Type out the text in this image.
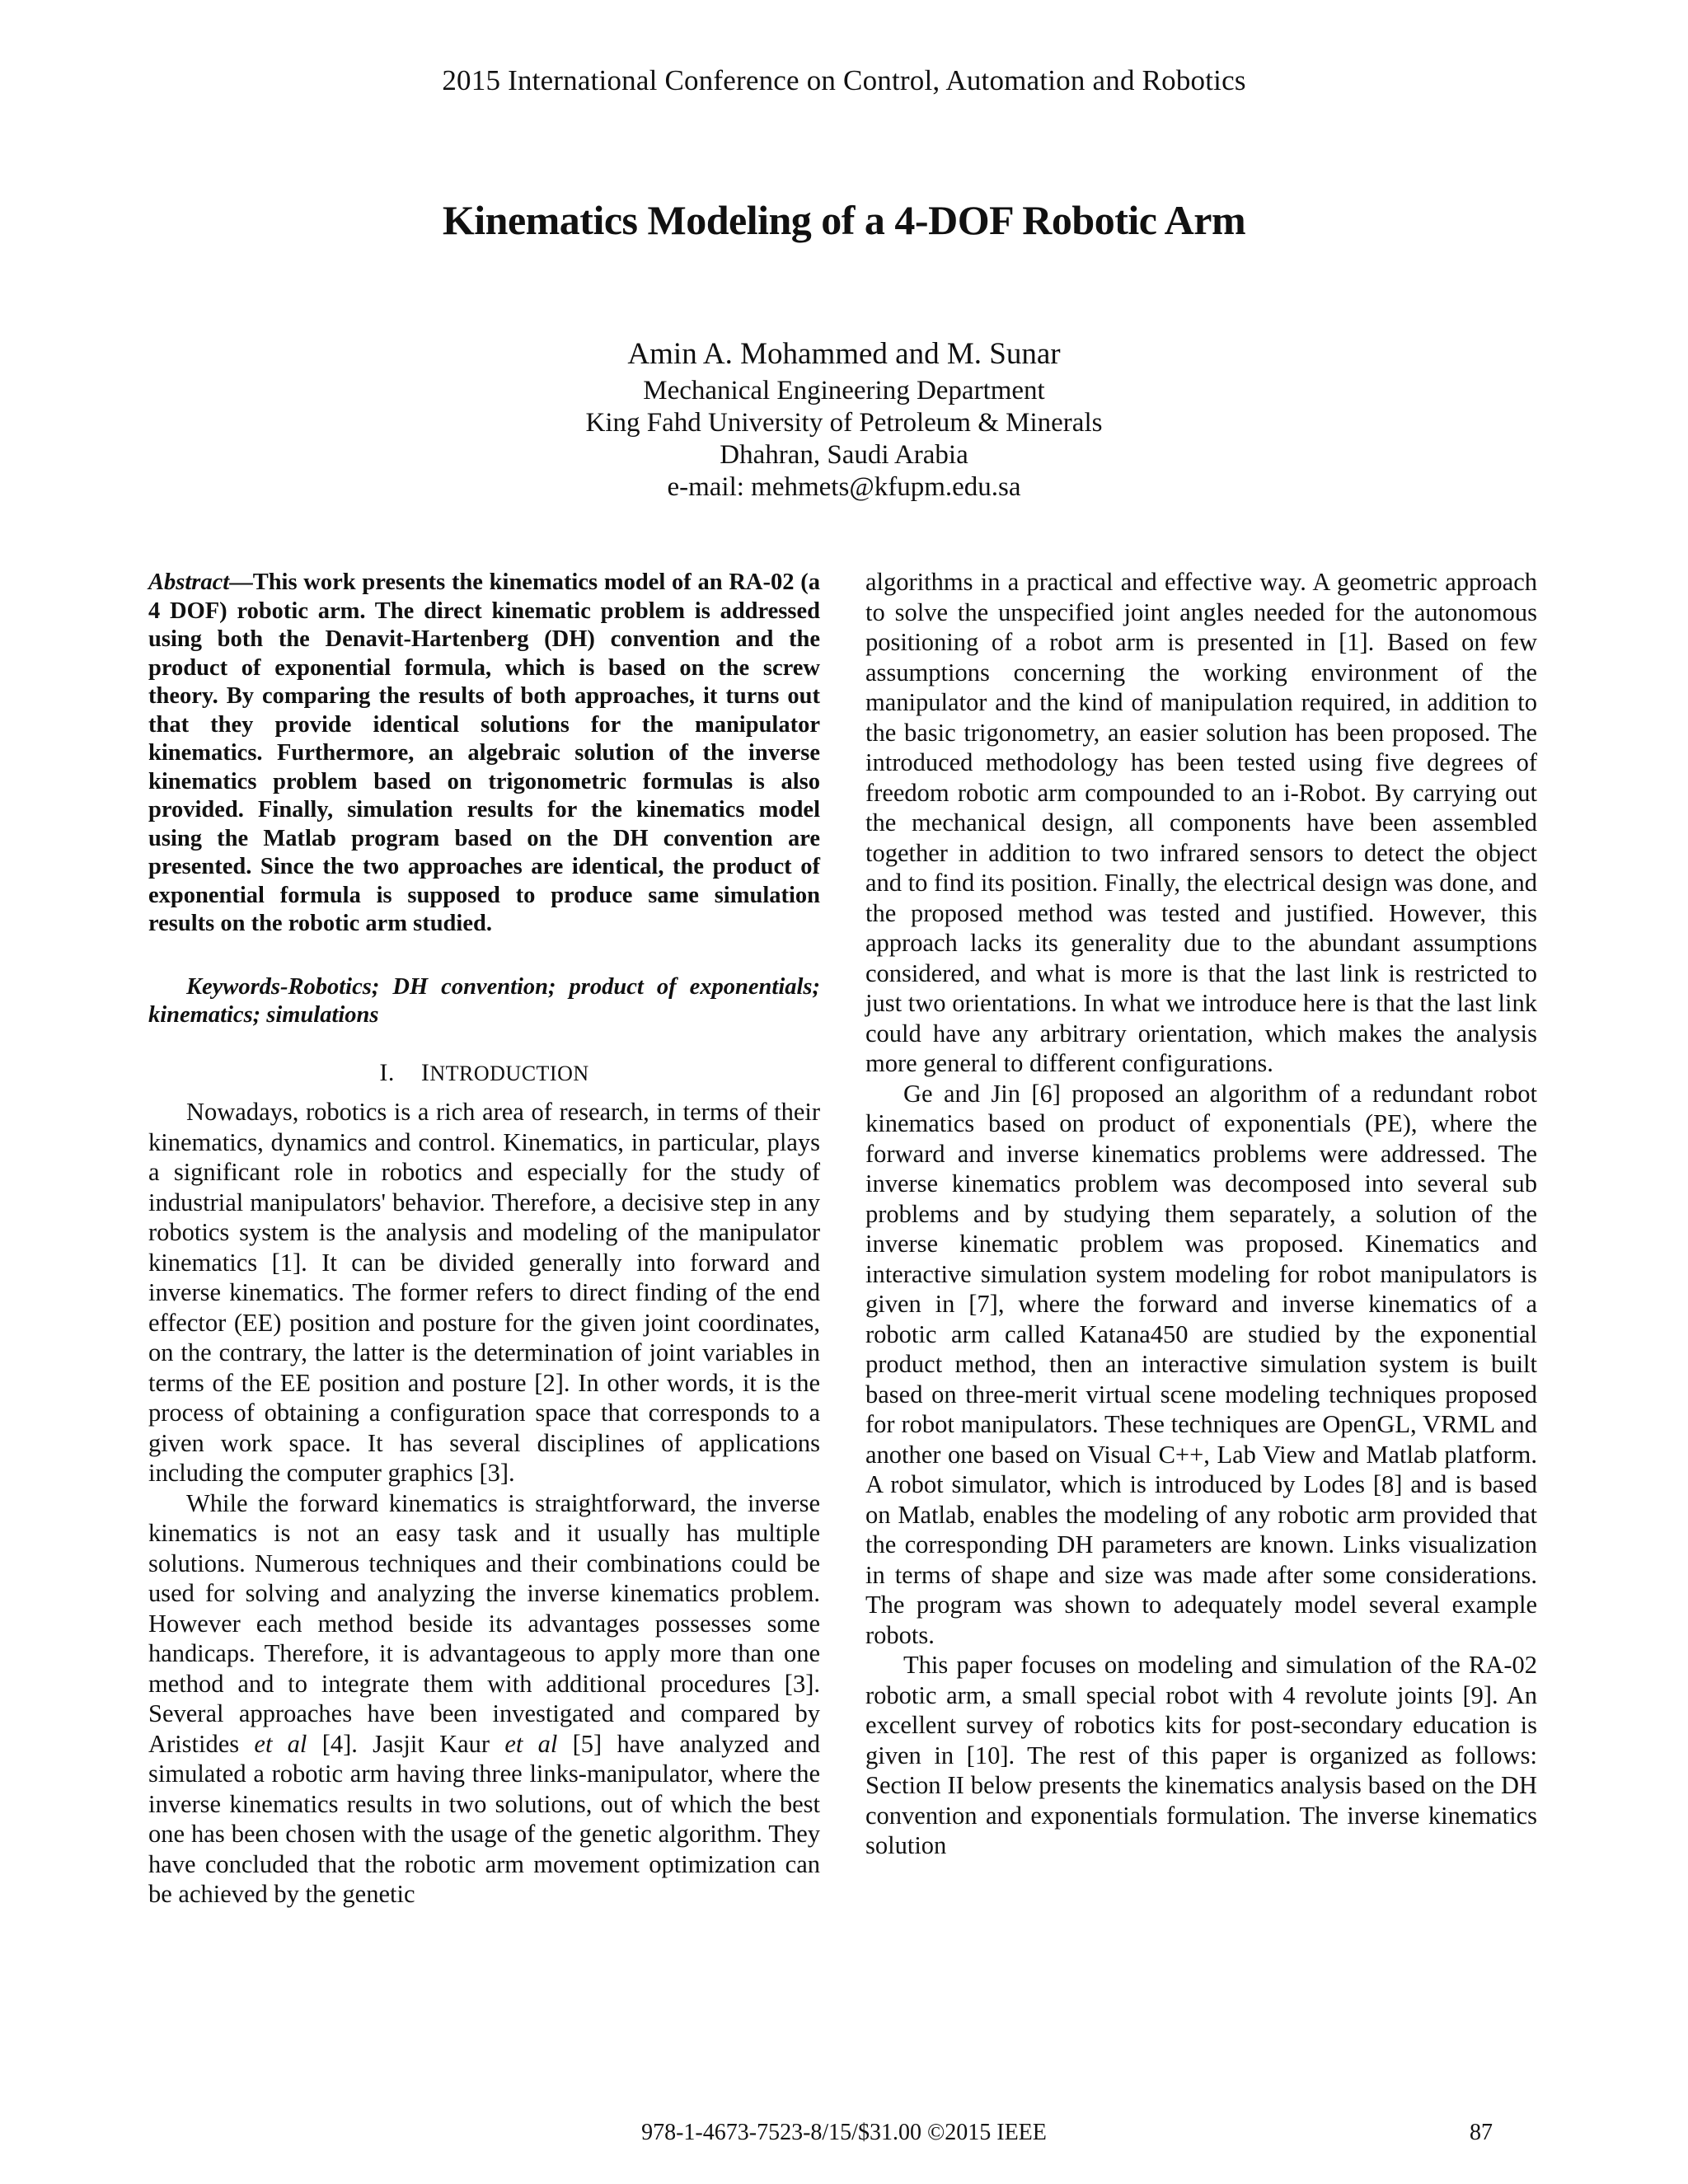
2015 International Conference on Control, Automation and Robotics
Kinematics Modeling of a 4-DOF Robotic Arm
Amin A. Mohammed and M. Sunar
Mechanical Engineering Department
King Fahd University of Petroleum & Minerals
Dhahran, Saudi Arabia
e-mail: mehmets@kfupm.edu.sa

Abstract—This work presents the kinematics model of an RA-02 (a 4 DOF) robotic arm. The direct kinematic problem is addressed using both the Denavit-Hartenberg (DH) convention and the product of exponential formula, which is based on the screw theory. By comparing the results of both approaches, it turns out that they provide identical solutions for the manipulator kinematics. Furthermore, an algebraic solution of the inverse kinematics problem based on trigonometric formulas is also provided. Finally, simulation results for the kinematics model using the Matlab program based on the DH convention are presented. Since the two approaches are identical, the product of exponential formula is supposed to produce same simulation results on the robotic arm studied.

Keywords-Robotics; DH convention; product of exponentials; kinematics; simulations

I. INTRODUCTION

Nowadays, robotics is a rich area of research, in terms of their kinematics, dynamics and control. Kinematics, in particular, plays a significant role in robotics and especially for the study of industrial manipulators' behavior. Therefore, a decisive step in any robotics system is the analysis and modeling of the manipulator kinematics [1]. It can be divided generally into forward and inverse kinematics. The former refers to direct finding of the end effector (EE) position and posture for the given joint coordinates, on the contrary, the latter is the determination of joint variables in terms of the EE position and posture [2]. In other words, it is the process of obtaining a configuration space that corresponds to a given work space. It has several disciplines of applications including the computer graphics [3].

While the forward kinematics is straightforward, the inverse kinematics is not an easy task and it usually has multiple solutions. Numerous techniques and their combinations could be used for solving and analyzing the inverse kinematics problem. However each method beside its advantages possesses some handicaps. Therefore, it is advantageous to apply more than one method and to integrate them with additional procedures [3]. Several approaches have been investigated and compared by Aristides et al [4]. Jasjit Kaur et al [5] have analyzed and simulated a robotic arm having three links-manipulator, where the inverse kinematics results in two solutions, out of which the best one has been chosen with the usage of the genetic algorithm. They have concluded that the robotic arm movement optimization can be achieved by the genetic

algorithms in a practical and effective way. A geometric approach to solve the unspecified joint angles needed for the autonomous positioning of a robot arm is presented in [1]. Based on few assumptions concerning the working environment of the manipulator and the kind of manipulation required, in addition to the basic trigonometry, an easier solution has been proposed. The introduced methodology has been tested using five degrees of freedom robotic arm compounded to an i-Robot. By carrying out the mechanical design, all components have been assembled together in addition to two infrared sensors to detect the object and to find its position. Finally, the electrical design was done, and the proposed method was tested and justified. However, this approach lacks its generality due to the abundant assumptions considered, and what is more is that the last link is restricted to just two orientations. In what we introduce here is that the last link could have any arbitrary orientation, which makes the analysis more general to different configurations.

Ge and Jin [6] proposed an algorithm of a redundant robot kinematics based on product of exponentials (PE), where the forward and inverse kinematics problems were addressed. The inverse kinematics problem was decomposed into several sub problems and by studying them separately, a solution of the inverse kinematic problem was proposed. Kinematics and interactive simulation system modeling for robot manipulators is given in [7], where the forward and inverse kinematics of a robotic arm called Katana450 are studied by the exponential product method, then an interactive simulation system is built based on three-merit virtual scene modeling techniques proposed for robot manipulators. These techniques are OpenGL, VRML and another one based on Visual C++, Lab View and Matlab platform. A robot simulator, which is introduced by Lodes [8] and is based on Matlab, enables the modeling of any robotic arm provided that the corresponding DH parameters are known. Links visualization in terms of shape and size was made after some considerations. The program was shown to adequately model several example robots.

This paper focuses on modeling and simulation of the RA-02 robotic arm, a small special robot with 4 revolute joints [9]. An excellent survey of robotics kits for post-secondary education is given in [10]. The rest of this paper is organized as follows: Section II below presents the kinematics analysis based on the DH convention and exponentials formulation. The inverse kinematics solution

978-1-4673-7523-8/15/$31.00 ©2015 IEEE	87
